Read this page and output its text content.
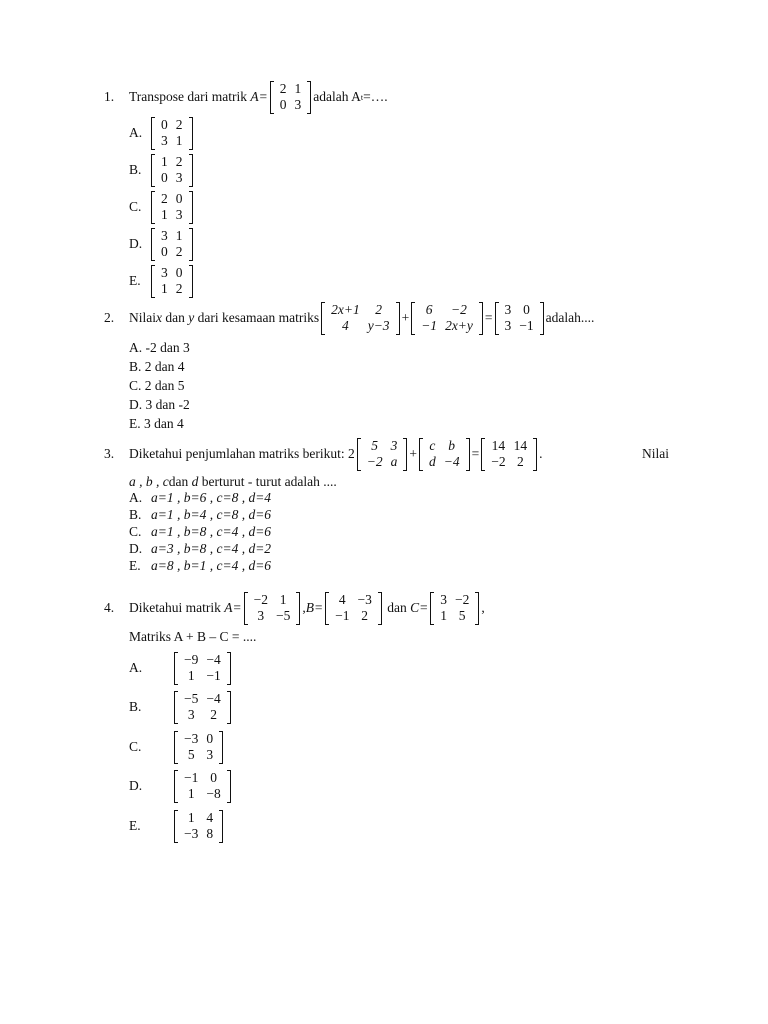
1.	Transpose dari matrik
A=
2	1
0	3
adalah A t =….
A.
0	2
3	1
B.
1	2
0	3
C.
2	0
1	3
D.
3	1
0	2
E.
3	0
1	2
2.	Nilai x
dan
y
dari kesamaan matriks
2x+1	2
4	y−3
+
6	−2
−1	2x+y
=
3	0
3	−1
adalah....
A. -2 dan 3
B. 2 dan 4
C. 2 dan 5
D. 3 dan -2
E. 3 dan 4
3.	Diketahui penjumlahan matriks berikut:
2
5	3
−2	a
+
c	b
d	−4
=
14	14
−2	2
.	Nilai
a , b , cdan d berturut - turut adalah ....
A. a=1 , b=6 , c=8 , d=4
B. a=1 , b=4 , c=8 , d=6
C. a=1 , b=8 , c=4 , d=6
D. a=3 , b=8 , c=4 , d=2
E. a=8 , b=1 , c=4 , d=6
4.	Diketahui matrik
A=
−2	1
3	−5
, B=
4	−3
−1	2

dan
C=
3	−2
1	5
,
Matriks A + B – C = ....
A.
−9	−4
1	−1
B.
−5	−4
3	2
C.
−3	0
5	3
D.
−1	0
1	−8
E.
1	4
−3	8
